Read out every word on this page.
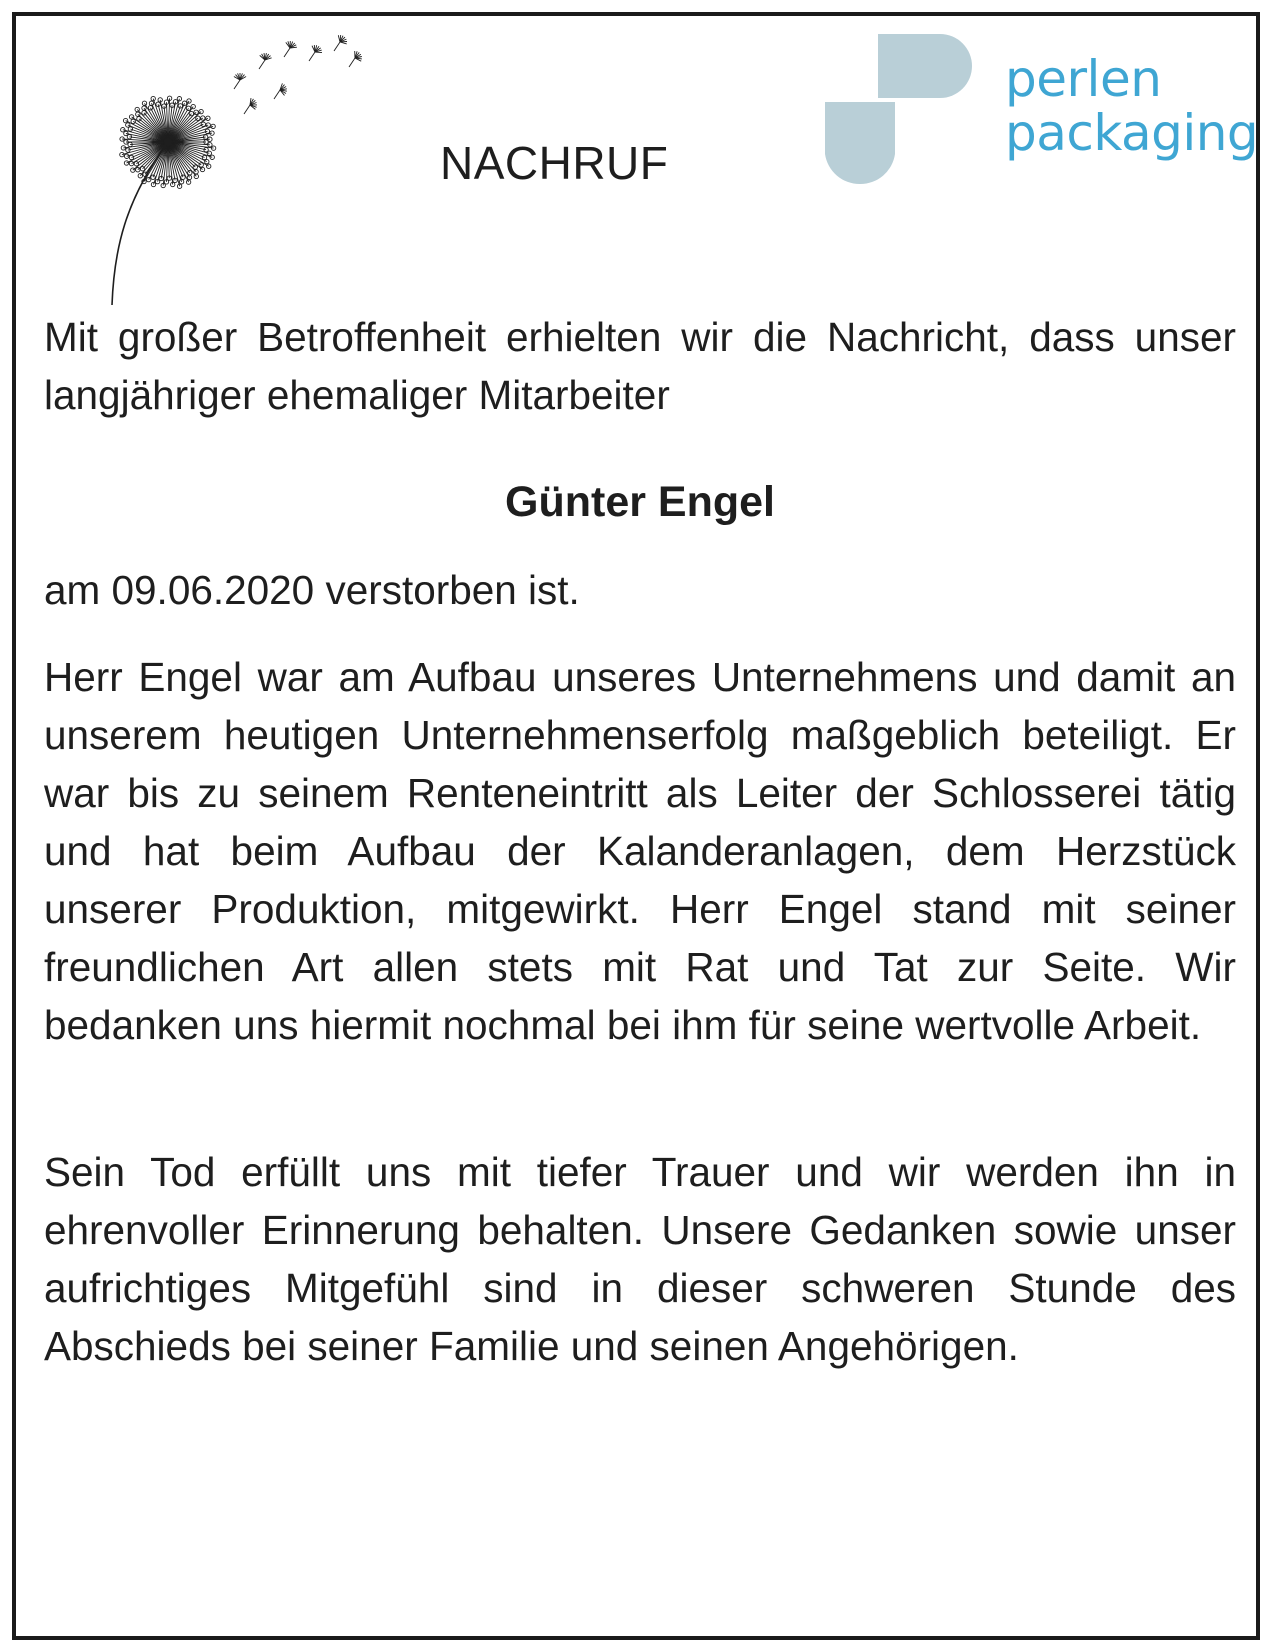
NACHRUF
perlen
packaging

Mit großer Betroffenheit erhielten wir die Nachricht, dass unser langjähriger ehemaliger Mitarbeiter

Günter Engel

am 09.06.2020 verstorben ist.

Herr Engel war am Aufbau unseres Unternehmens und damit an unserem heutigen Unternehmenserfolg maßgeblich beteiligt. Er war bis zu seinem Renteneintritt als Leiter der Schlosserei tätig und hat beim Aufbau der Kalanderanlagen, dem Herzstück unserer Produktion, mitgewirkt. Herr Engel stand mit seiner freundlichen Art allen stets mit Rat und Tat zur Seite. Wir bedanken uns hiermit nochmal bei ihm für seine wertvolle Arbeit.

Sein Tod erfüllt uns mit tiefer Trauer und wir werden ihn in ehrenvoller Erinnerung behalten. Unsere Gedanken sowie unser aufrichtiges Mitgefühl sind in dieser schweren Stunde des Abschieds bei seiner Familie und seinen Angehörigen.
